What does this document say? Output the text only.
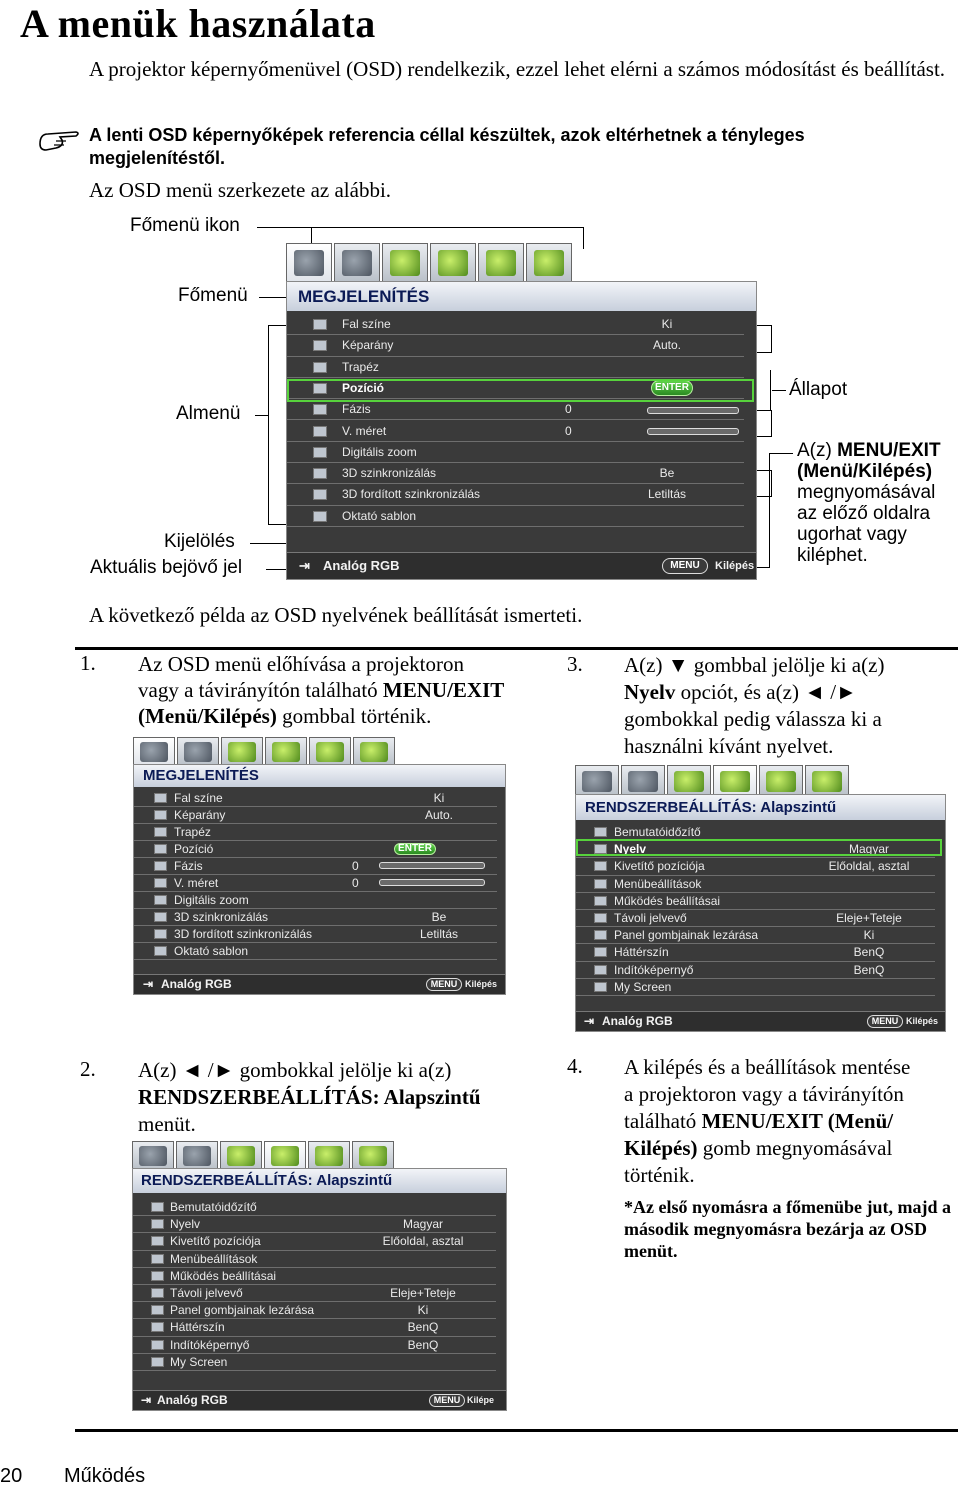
A menük használata
A projektor képernyőmenüvel (OSD) rendelkezik, ezzel lehet elérni a számos módosítást és beállítást.
A lenti OSD képernyőképek referencia céllal készültek, azok eltérhetnek a tényleges megjelenítéstől.
Az OSD menü szerkezete az alábbi.
Főmenü ikon
Főmenü
Almenü
Kijelölés
Aktuális bejövő jel
Állapot
A(z) MENU/EXIT
(Menü/Kilépés)
megnyomásával
az előző oldalra
ugorhat vagy
kiléphet.
MEGJELENÍTÉS
Fal színe	Ki
Képarány	Auto.
Trapéz
Pozíció	ENTER
Fázis	0
V. méret	0
Digitális zoom
3D szinkronizálás	Be
3D fordított szinkronizálás	Letiltás
Oktató sablon
⇥ Analóg RGB	MENU	Kilépés
A következő példa az OSD nyelvének beállítását ismerteti.
1. Az OSD menü előhívása a projektoron
vagy a távirányítón található MENU/EXIT
(Menü/Kilépés) gombbal történik.
MEGJELENÍTÉS
Fal színe	Ki
Képarány	Auto.
Trapéz
Pozíció	ENTER
Fázis	0
V. méret	0
Digitális zoom
3D szinkronizálás	Be
3D fordított szinkronizálás	Letiltás
Oktató sablon
⇥ Analóg RGB	MENU Kilépés
2. A(z) ◄ /► gombokkal jelölje ki a(z)
RENDSZERBEÁLLÍTÁS: Alapszintű
menüt.
RENDSZERBEÁLLÍTÁS: Alapszintű
Bemutatóidőzítő
Nyelv	Magyar
Kivetítő pozíciója	Előoldal, asztal
Menübeállítások
Működés beállításai
Távoli jelvevő	Eleje+Teteje
Panel gombjainak lezárása	Ki
Háttérszín	BenQ
Indítóképernyő	BenQ
My Screen
⇥ Analóg RGB	MENU Kilépe
3. A(z) ▼ gombbal jelölje ki a(z)
Nyelv opciót, és a(z) ◄ /►
gombokkal pedig válassza ki a
használni kívánt nyelvet.
RENDSZERBEÁLLÍTÁS: Alapszintű
Bemutatóidőzítő
Nyelv	Magyar
Kivetítő pozíciója	Előoldal, asztal
Menübeállítások
Működés beállításai
Távoli jelvevő	Eleje+Teteje
Panel gombjainak lezárása	Ki
Háttérszín	BenQ
Indítóképernyő	BenQ
My Screen
⇥ Analóg RGB	MENU Kilépés
4. A kilépés és a beállítások mentése
a projektoron vagy a távirányítón
található MENU/EXIT (Menü/
Kilépés) gomb megnyomásával
történik.
*Az első nyomásra a főmenübe jut, majd a második megnyomásra bezárja az OSD menüt.
20 Működés
